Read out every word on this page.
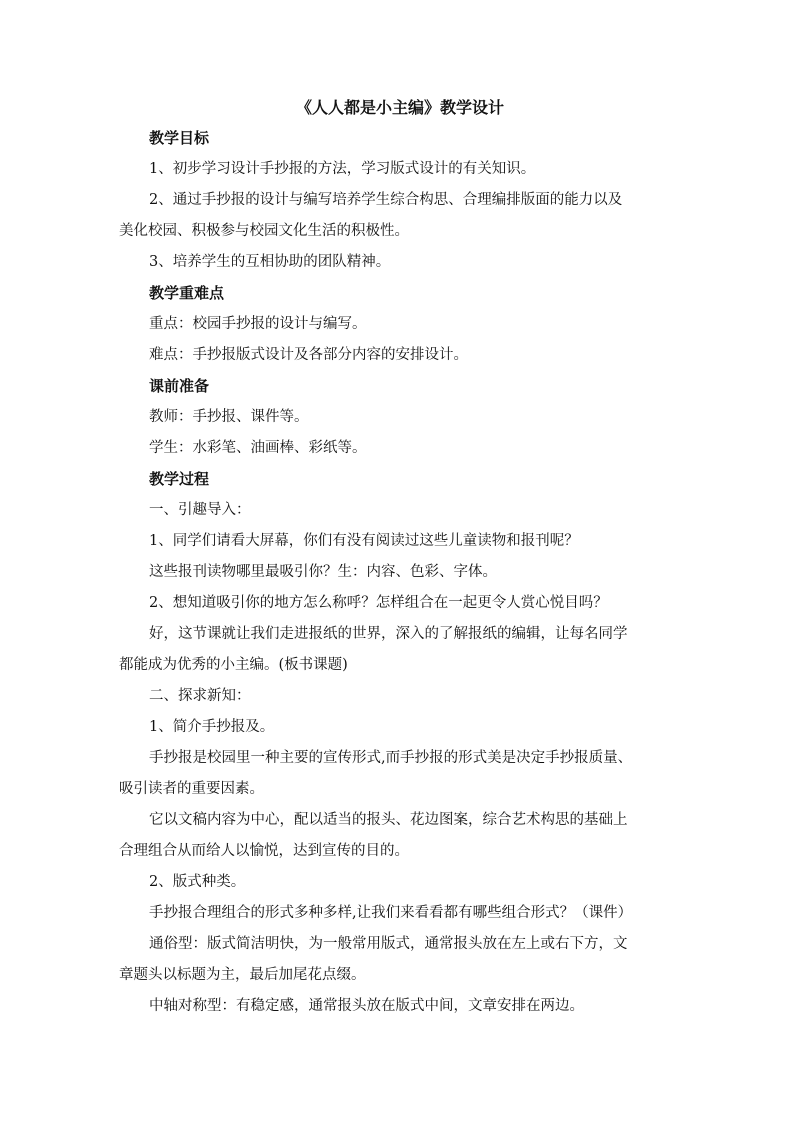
《人人都是小主编》教学设计

教学目标

1、初步学习设计手抄报的方法，学习版式设计的有关知识。

2、通过手抄报的设计与编写培养学生综合构思、合理编排版面的能力以及

美化校园、积极参与校园文化生活的积极性。

3、培养学生的互相协助的团队精神。

教学重难点

重点：校园手抄报的设计与编写。

难点：手抄报版式设计及各部分内容的安排设计。

课前准备

教师：手抄报、课件等。

学生：水彩笔、油画棒、彩纸等。

教学过程

一、引趣导入：

1、同学们请看大屏幕，你们有没有阅读过这些儿童读物和报刊呢？

这些报刊读物哪里最吸引你？生：内容、色彩、字体。

2、想知道吸引你的地方怎么称呼？怎样组合在一起更令人赏心悦目吗？

好，这节课就让我们走进报纸的世界，深入的了解报纸的编辑，让每名同学

都能成为优秀的小主编。(板书课题)

二、探求新知：

1、简介手抄报及。

手抄报是校园里一种主要的宣传形式,而手抄报的形式美是决定手抄报质量、

吸引读者的重要因素。

它以文稿内容为中心，配以适当的报头、花边图案，综合艺术构思的基础上

合理组合从而给人以愉悦，达到宣传的目的。

2、版式种类。

手抄报合理组合的形式多种多样,让我们来看看都有哪些组合形式？（课件）

通俗型：版式简洁明快，为一般常用版式，通常报头放在左上或右下方，文

章题头以标题为主，最后加尾花点缀。

中轴对称型：有稳定感，通常报头放在版式中间，文章安排在两边。
